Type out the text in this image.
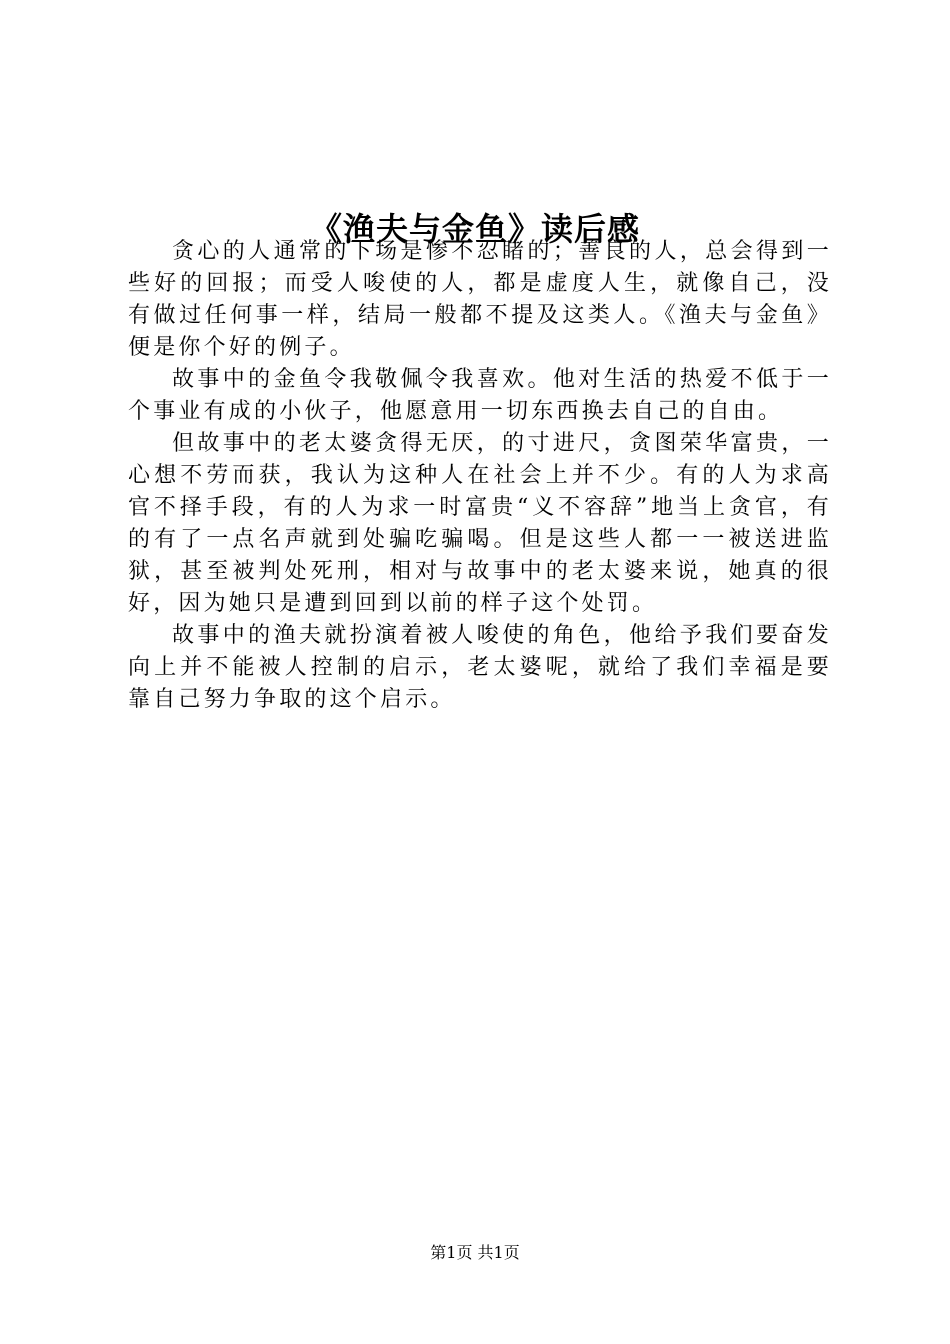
《渔夫与金鱼》读后感

贪心的人通常的下场是惨不忍睹的；善良的人，总会得到一些好的回报；而受人唆使的人，都是虚度人生，就像自己，没有做过任何事一样，结局一般都不提及这类人。《渔夫与金鱼》便是你个好的例子。

故事中的金鱼令我敬佩令我喜欢。他对生活的热爱不低于一个事业有成的小伙子，他愿意用一切东西换去自己的自由。

但故事中的老太婆贪得无厌，的寸进尺，贪图荣华富贵，一心想不劳而获，我认为这种人在社会上并不少。有的人为求高官不择手段，有的人为求一时富贵“义不容辞”地当上贪官，有的有了一点名声就到处骗吃骗喝。但是这些人都一一被送进监狱，甚至被判处死刑，相对与故事中的老太婆来说，她真的很好，因为她只是遭到回到以前的样子这个处罚。

故事中的渔夫就扮演着被人唆使的角色，他给予我们要奋发向上并不能被人控制的启示，老太婆呢，就给了我们幸福是要靠自己努力争取的这个启示。

第1页 共1页
